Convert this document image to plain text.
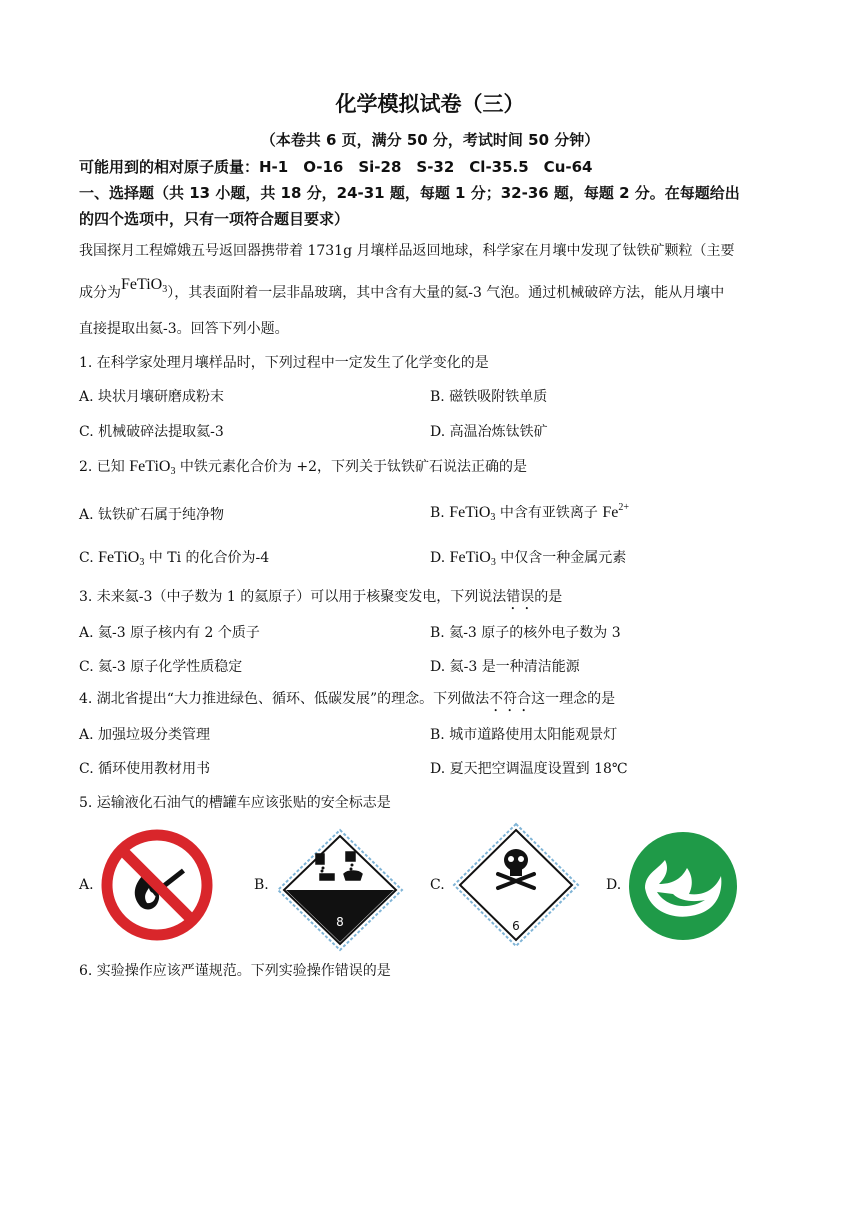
化学模拟试卷（三）
（本卷共 6 页，满分 50 分，考试时间 50 分钟）
可能用到的相对原子质量：H-1　O-16　Si-28　S-32　Cl-35.5　Cu-64
一、选择题（共 13 小题，共 18 分，24-31 题，每题 1 分；32-36 题，每题 2 分。在每题给出
的四个选项中，只有一项符合题目要求）
我国探月工程嫦娥五号返回器携带着 1731g 月壤样品返回地球，科学家在月壤中发现了钛铁矿颗粒（主要
成分为FeTiO$_3$），其表面附着一层非晶玻璃，其中含有大量的氦-3 气泡。通过机械破碎方法，能从月壤中
直接提取出氦-3。回答下列小题。
1. 在科学家处理月壤样品时，下列过程中一定发生了化学变化的是
A. 块状月壤研磨成粉末	B. 磁铁吸附铁单质
C. 机械破碎法提取氦-3	D. 高温冶炼钛铁矿
2. 已知 FeTiO$_3$ 中铁元素化合价为 +2，下列关于钛铁矿石说法正确的是
A. 钛铁矿石属于纯净物	B. FeTiO$_3$ 中含有亚铁离子 $Fe^{2+}$
C. FeTiO$_3$ 中 Ti 的化合价为-4	D. FeTiO$_3$ 中仅含一种金属元素
3. 未来氦-3（中子数为 1 的氦原子）可以用于核聚变发电，下列说法错误的是
A. 氦-3 原子核内有 2 个质子	B. 氦-3 原子的核外电子数为 3
C. 氦-3 原子化学性质稳定	D. 氦-3 是一种清洁能源
4. 湖北省提出“大力推进绿色、循环、低碳发展”的理念。下列做法不符合这一理念的是
A. 加强垃圾分类管理	B. 城市道路使用太阳能观景灯
C. 循环使用教材用书	D. 夏天把空调温度设置到 18℃
5. 运输液化石油气的槽罐车应该张贴的安全标志是
A.	B.
8
C.
6
D.
6. 实验操作应该严谨规范。下列实验操作错误的是
